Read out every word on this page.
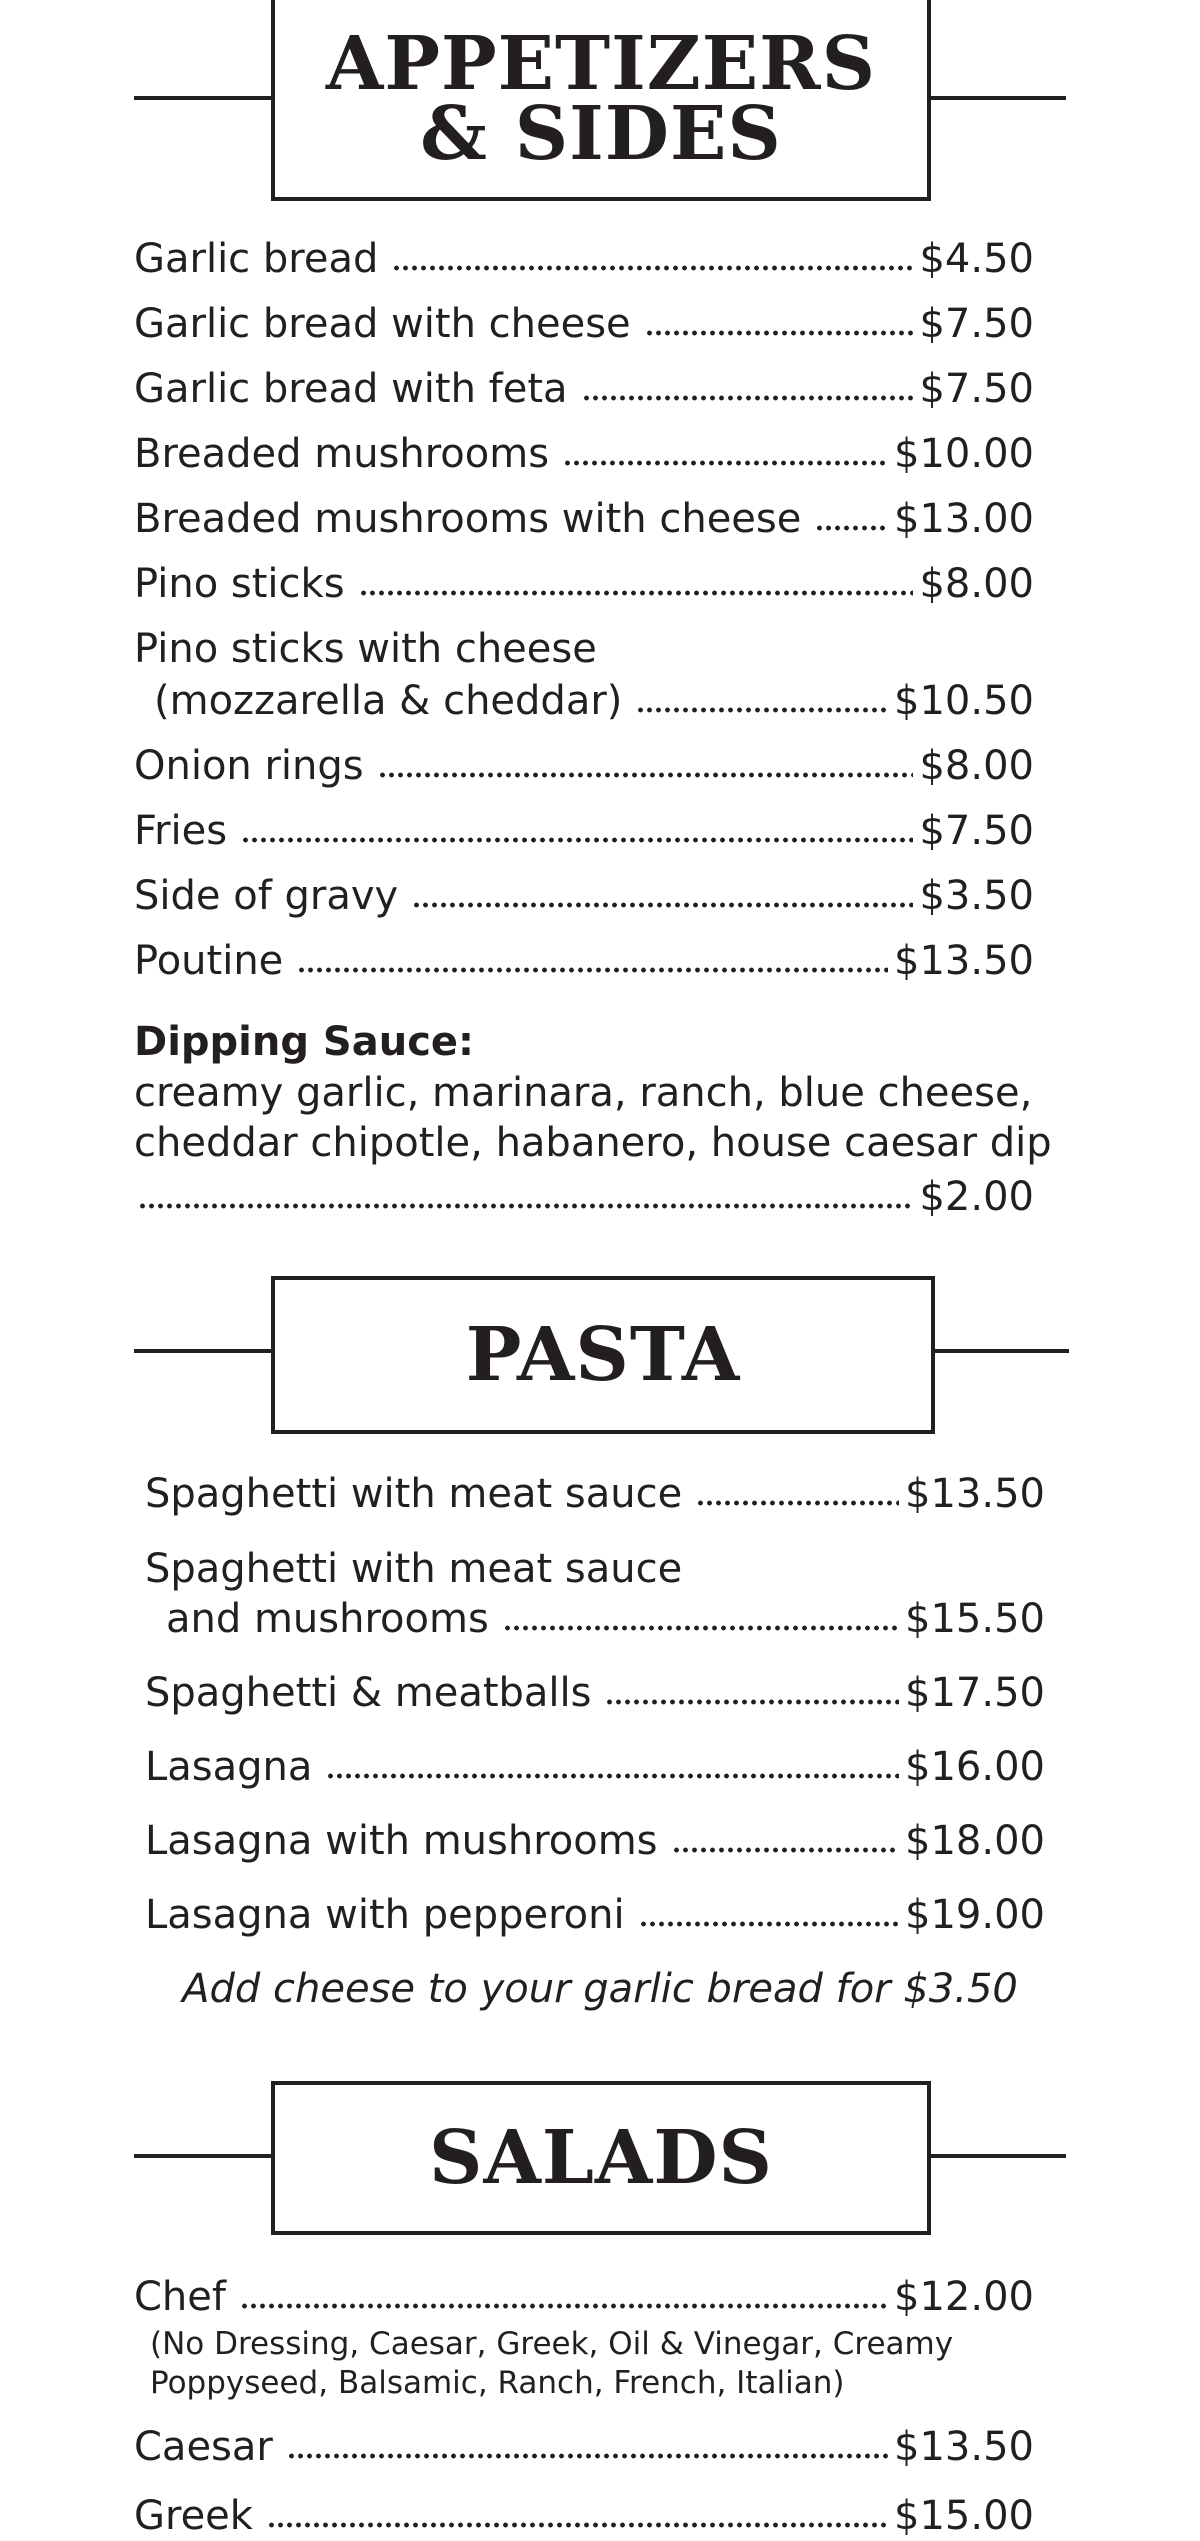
APPETIZERS
& SIDES
Garlic bread	$4.50
Garlic bread with cheese	$7.50
Garlic bread with feta	$7.50
Breaded mushrooms	$10.00
Breaded mushrooms with cheese $13.00
Pino sticks	$8.00
Pino sticks with cheese
(mozzarella & cheddar)	$10.50
Onion rings	$8.00
Fries	$7.50
Side of gravy	$3.50
Poutine	$13.50
Dipping Sauce:
creamy garlic, marinara, ranch, blue cheese,
cheddar chipotle, habanero, house caesar dip
$2.00
PASTA
Spaghetti with meat sauce	$13.50
Spaghetti with meat sauce
and mushrooms	$15.50
Spaghetti & meatballs	$17.50
Lasagna	$16.00
Lasagna with mushrooms	$18.00
Lasagna with pepperoni	$19.00
Add cheese to your garlic bread for $3.50
SALADS
Chef	$12.00
(No Dressing, Caesar, Greek, Oil & Vinegar, Creamy
Poppyseed, Balsamic, Ranch, French, Italian)
Caesar	$13.50
Greek	$15.00
